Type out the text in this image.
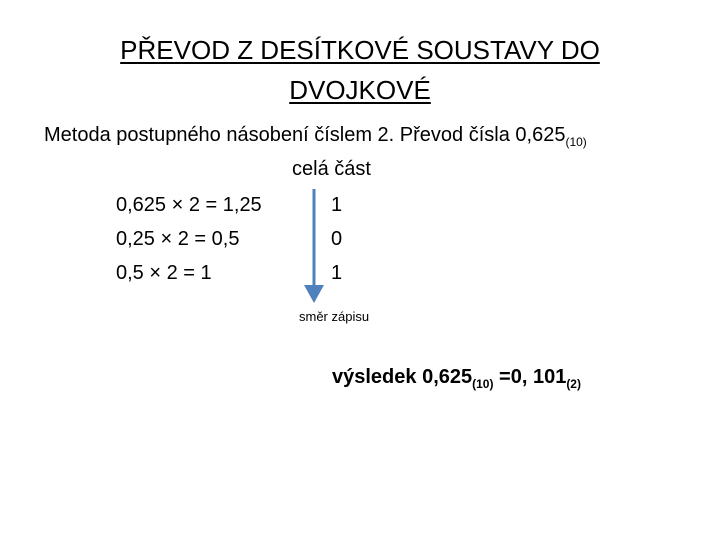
PŘEVOD Z DESÍTKOVÉ SOUSTAVY DO DVOJKOVÉ
Metoda postupného násobení číslem 2. Převod čísla $0,625_{(10)}$
celá část
0,625 × 2 = 1,25	1
0,25 × 2 = 0,5	0
0,5 × 2 = 1	1
směr zápisu
výsledek $0,625_{(10)} =0$, $101_{(2)}$
